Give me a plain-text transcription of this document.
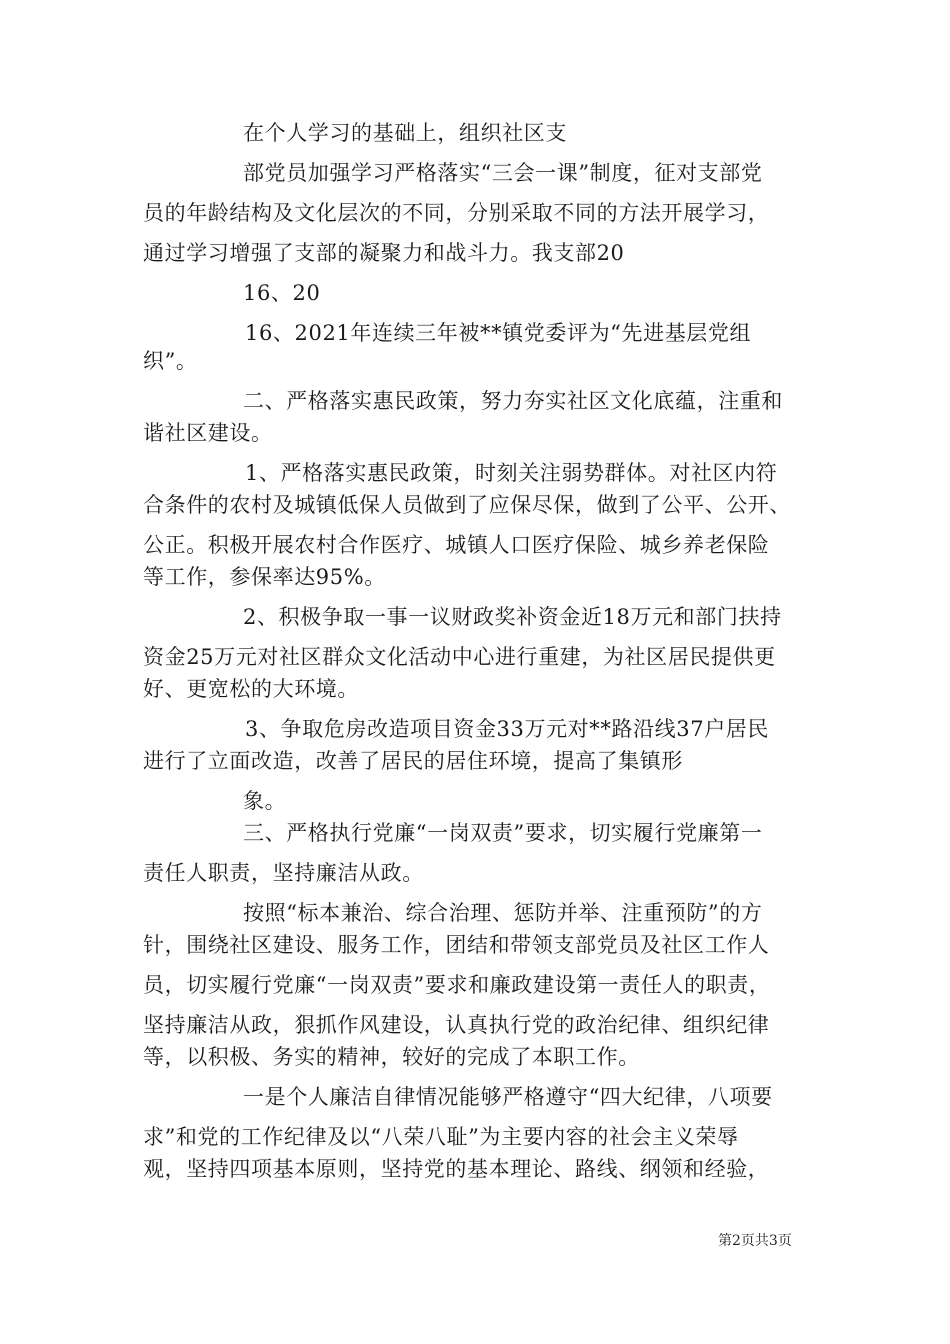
在个人学习的基础上，组织社区支
部党员加强学习严格落实“三会一课”制度，征对支部党
员的年龄结构及文化层次的不同，分别采取不同的方法开展学习，
通过学习增强了支部的凝聚力和战斗力。我支部20
16、20
16、2021年连续三年被**镇党委评为“先进基层党组
织”。
二、严格落实惠民政策，努力夯实社区文化底蕴，注重和
谐社区建设。
1、严格落实惠民政策，时刻关注弱势群体。对社区内符
合条件的农村及城镇低保人员做到了应保尽保，做到了公平、公开、
公正。积极开展农村合作医疗、城镇人口医疗保险、城乡养老保险
等工作，参保率达95%。
2、积极争取一事一议财政奖补资金近18万元和部门扶持
资金25万元对社区群众文化活动中心进行重建，为社区居民提供更
好、更宽松的大环境。
3、争取危房改造项目资金33万元对**路沿线37户居民
进行了立面改造，改善了居民的居住环境，提高了集镇形
象。
三、严格执行党廉“一岗双责”要求，切实履行党廉第一
责任人职责，坚持廉洁从政。
按照“标本兼治、综合治理、惩防并举、注重预防”的方
针，围绕社区建设、服务工作，团结和带领支部党员及社区工作人
员，切实履行党廉“一岗双责”要求和廉政建设第一责任人的职责，
坚持廉洁从政，狠抓作风建设，认真执行党的政治纪律、组织纪律
等，以积极、务实的精神，较好的完成了本职工作。
一是个人廉洁自律情况能够严格遵守“四大纪律，八项要
求”和党的工作纪律及以“八荣八耻”为主要内容的社会主义荣辱
观，坚持四项基本原则，坚持党的基本理论、路线、纲领和经验，
第2页共3页
